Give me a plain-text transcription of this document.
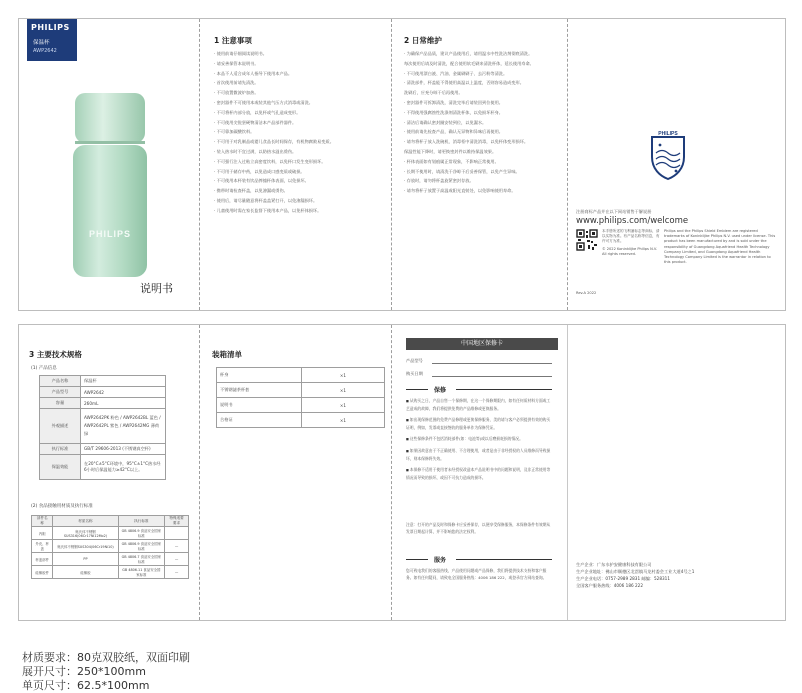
PHILIPS
保温杯
AWP2642
PHILIPS
说明书
1 注意事项
· 使用前请仔细阅读说明书。
· 请妥善保管本说明书。
· 本品不人适合成年人指导下使用本产品。
· 首次使用前请先清洗。
· 不可放置微波炉加热。
· 密封器件不可使用本或装其他气压方式消毒或清洗。
· 不可将杯内部分放，以免杯或气孔造成变形。
· 不可使用尖锐坚硬物清洁本产品部件器件。
· 不可靠加碳酸饮料。
· 不可用于对乳制品或婴儿食品长时间保存，有机物腐败易变质。
· 装入热水时不宜过满，以防热水溢出烫伤。
· 不可强行注入过粘立高密度饮料，以免杯口发生变形损坏。
· 不可用于储存中药，以免造成口感变质或破损。
· 不可使用本杯装有饮品摔撞杯体表面，以免损坏。
· 携带时请检查杯盖，以免渗漏或烫伤。
· 使用后，请尽量随意将杯盖盖紧打开，以免渗漏损坏。
· 儿童使用时需在家长监督下使用本产品，以免杯体损坏。
2 日常维护
· 为确保产品品质，建议产品使用后，请用温水中性洗洁剂彻底清洗。
每次使用后请及时清洗，配合使用软毛刷来清洗杯体，延长使用寿命。
· 不可使用漂白液、汽油、金属刷刷子、去污粉等清洗。
· 清洗部件，杯盖能不得使用高温以上温度，否则容易造成变形。
洗刷后，应充分晾干后再使用。
· 密封器件可拆卸清洗，清洗完毕后请装回到位使用。
· 不得使用强腐蚀性洗涤剂清洗杯体，以免损坏杯身。
· 清洁后请确认密封圈安装到位，以免漏水。
· 使用前请先检查产品，确认无异物和异味后再使用。
· 请勿将杯子放入洗碗机、消毒柜中清洗消毒，以免杯体变形损坏。
保温性能下降时，请更换密封件以维持保温效果。
· 杯体表面如有划痕属正常现象，不影响正常使用。
· 长期不使用时，请清洗干净晾干后妥善保管，以免产生异味。
· 存放时，请勿将杯盖旋紧密封存放。
· 请勿将杯子放置于高温或阳光直射处，以免影响使用寿命。
PHILIPS

注册商标产品并在以下网站销售于解说册

www.philips.com/welcome

本手册所述的飞利浦标志等商标，请以实物为准。有产品名称等信息，有许可方为准。

© 2022 Koninklijke Philips N.V. All rights reserved.

Philips and the Philips Shield Emblem are registered trademarks of Koninklijke Philips N.V. used under license. This product has been manufactured by and is sold under the responsibility of Guangdong Aquafriend Health Technology Company Limited, and Guangdong Aquafriend Health Technology Company Limited is the warrantor in relation to this product.

Rev.A 2022
3 主要技术规格
(1) 产品信息
产品名称	保温杯
产品型号	AWP2642
容量	260mL
外观描述	AWP2642PK 粉色 / AWP2642BL 蓝色 / AWP2642PL 紫色 / AWP2642MG 薄荷绿
执行标准	GB/T 29606-2013 (不锈钢真空杯)
保温效能	在20°C±5°C环境中，95°C±1°C热水经6小时后保温能力≥42°C以上。
(2) 食品接触用材质及执行标准
部件名称	材质名称	执行标准	特殊适要要求
内胆	奥氏体不锈钢SUS316(06Cr17Ni12Mo2)	GB 4806.9 食品安全国家标准	
外壳、杯盖	奥氏体不锈钢SUS304(06Cr19Ni10)	GB 4806.9 食品安全国家标准	—
杯盖部件	PP	GB 4806.7 食品安全国家标准	—
硅橡胶件	硅橡胶	GB 4806.11 食品安全国家标准	—
装箱清单
杯身	×1
不锈钢滤茶杯套	×1
说明书	×1
合格证	×1
中国地区保修卡
产品型号
购买日期
保修
■ 从购买之日，产品自售一个保修期，在这一个保修期限内，如有任何质材料方面或工艺造成的故障，我们将提供免费的产品维修或更换服务。
■ 如出现保修范围的免费产品修理或更换保修服务，美的请与客户必须提供有效的购买证明，例如，发票或直接签收的服务单作为保修凭证。
■ 这些保修条件不包括消耗部件(如：电池等)或以后磨损耗损的情况。
■ 如果因故意由于不正确使用、不合理使用，或者是由于非经授权的人员维修而导致损坏，则本保修将失效。
■ 本保修不适用于使用者未经授权改造本产品说明书中的问题和说明，及非正常使用等情况而导致的损坏，或因不可抗力造成的损坏。

注意：打开的产品及时和保修卡应妥善保存，以便享受保修服务，本保修条件有效期从发票日期起计算，并不影响您的法定权利。

服务

您可致电我们的客服热线，产品使用问题或产品保修，我们将提供技术支持和客户服务。如有任何疑问，请致电全国服务热线：4006 186 222，或登录官方网站查询。

生产企业：广东水护安健康科技有限公司
生产企业地址：佛山市顺德区北滘镇马龙村委会工业大道4号之1
生产企业电话：0757-2989 2831 邮编：528311
全国客户服务热线：4006 186 222
材质要求：80克双胶纸，双面印刷
展开尺寸：250*100mm
单页尺寸：62.5*100mm
